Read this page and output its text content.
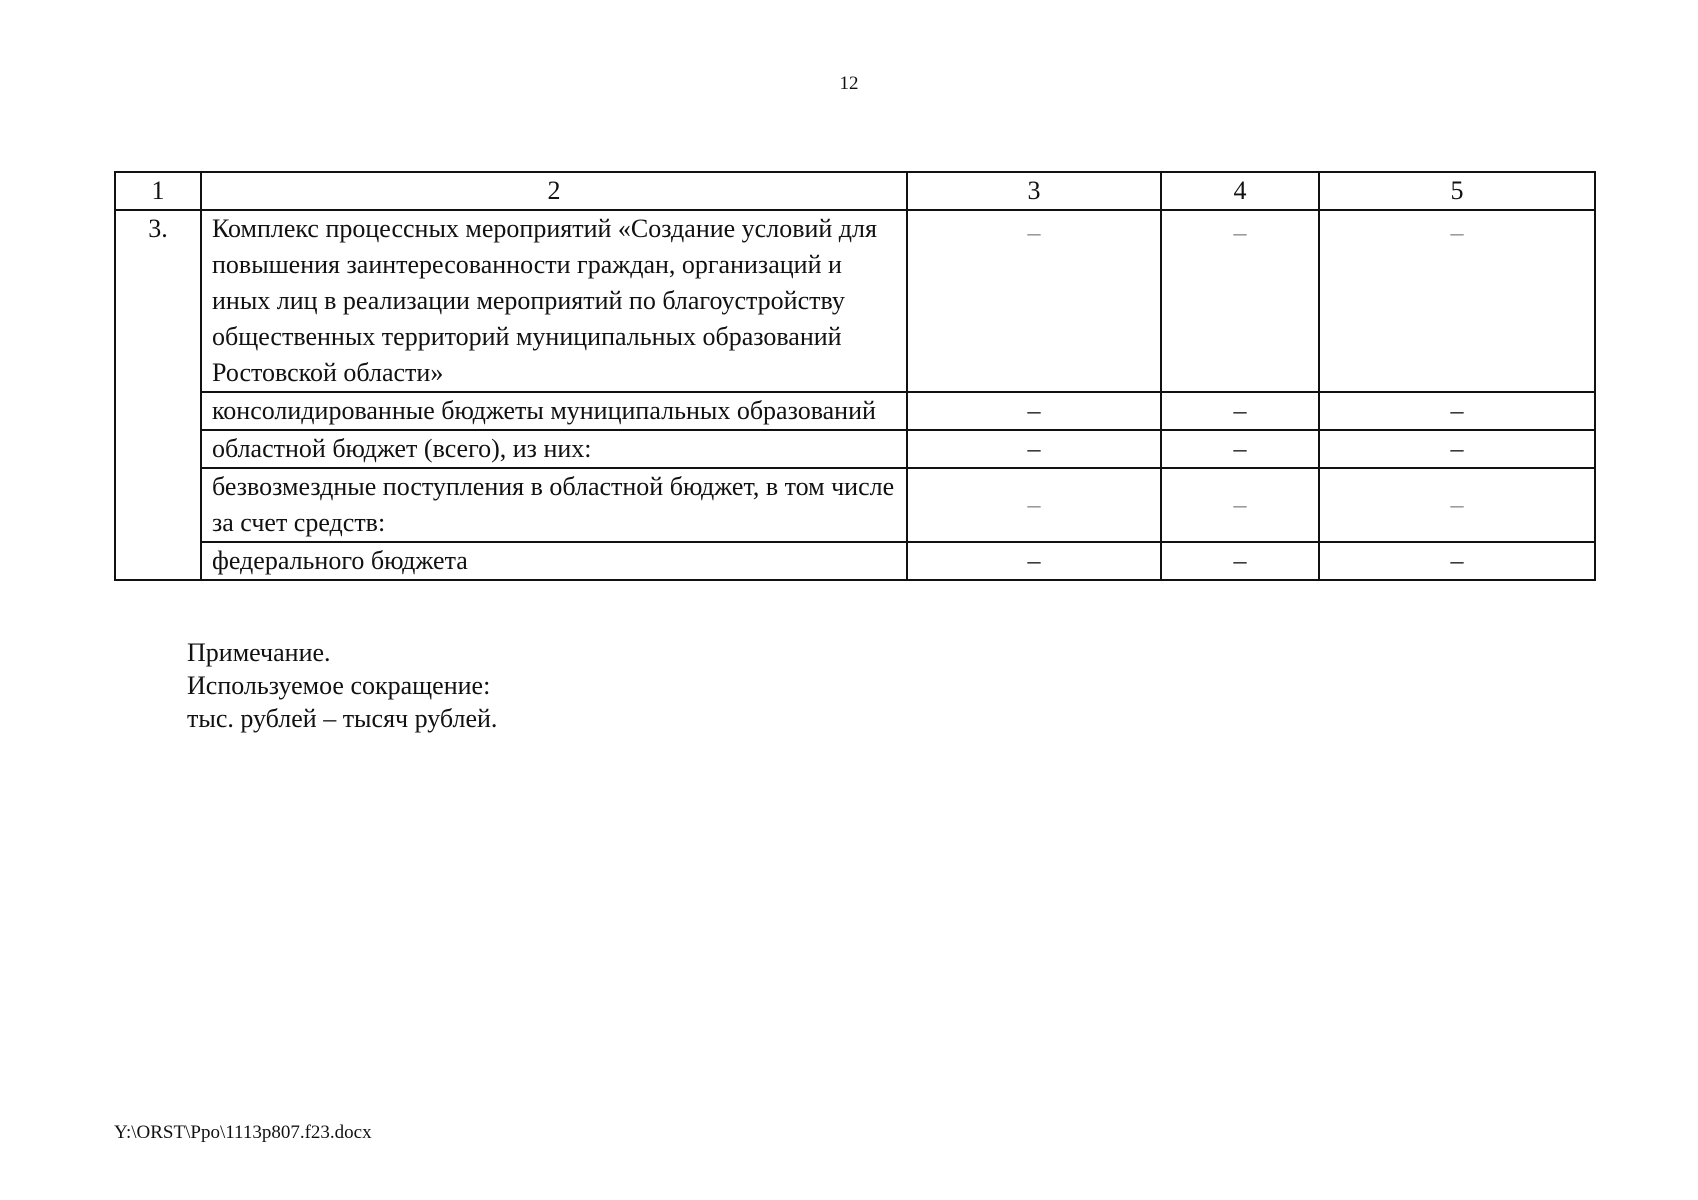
12
1	2	3	4	5
3.	Комплекс процессных мероприятий «Создание условий для повышения заинтересованности граждан, организаций и иных лиц в реализации мероприятий по благоустройству общественных территорий муниципальных образований Ростовской области»	–	–	–
	консолидированные бюджеты муниципальных образований	–	–	–
	областной бюджет (всего), из них:	–	–	–
	безвозмездные поступления в областной бюджет, в том числе за счет средств:	–	–	–
	федерального бюджета	–	–	–
Примечание.
Используемое сокращение:
тыс. рублей – тысяч рублей.
Y:\ORST\Ppo\1113p807.f23.docx
